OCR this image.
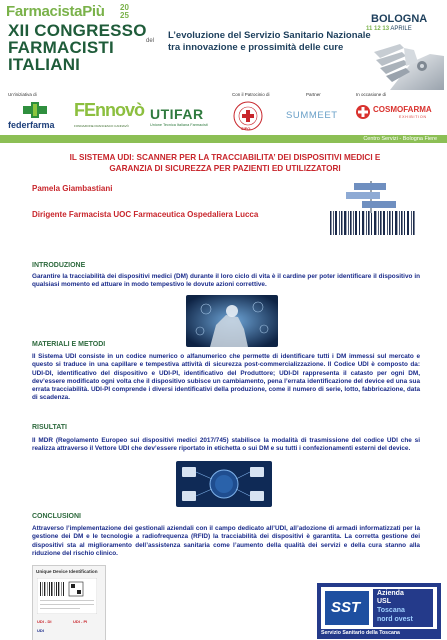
FarmacistaPiù 20
25
XII CONGRESSO
FARMACISTI
ITALIANI
del L’evoluzione del Servizio Sanitario Nazionale
tra innovazione e prossimità delle cure
BOLOGNA
11 12 13 APRILE
Un'iniziativa di	Con il Patrocinio di	Partner	In occasione di
federfarma
FEnnovò
FONDAZIONE FRANCESCO CANNAVÒ
UTIFAR
Unione Tecnica Italiana Farmacisti
SIFO
SUMMEET
COSMOFARMA
EXHIBITION
Centro Servizi - Bologna Fiere
IL SISTEMA UDI: SCANNER PER LA TRACCIABILITA’ DEI DISPOSITIVI MEDICI E
GARANZIA DI SICUREZZA PER PAZIENTI ED UTILIZZATORI
Pamela Giambastiani
Dirigente Farmacista UOC Farmaceutica Ospedaliera Lucca
INTRODUZIONE
Garantire la tracciabilità dei dispositivi medici (DM) durante il loro ciclo di vita è il cardine per poter identificare il dispositivo in qualsiasi momento ed attuare in modo tempestivo le dovute azioni correttive.
MATERIALI E METODI
Il Sistema UDI consiste in un codice numerico o alfanumerico che permette di identificare tutti i DM immessi sul mercato e questo si traduce in una capillare e tempestiva attività di sicurezza post-commercializzazione. Il Codice UDI è composto da: UDI-DI, identificativo del dispositivo e UDI-PI, identificativo del Produttore; UDI-DI rappresenta il catasto per ogni DM, dev’essere modificato ogni volta che il dispositivo subisce un cambiamento, pena l’errata identificazione del device ed una sua errata tracciabilità. UDI-PI comprende i diversi identificativi della produzione, come il numero di serie, lotto, fabbricazione, data di scadenza.
RISULTATI
Il MDR (Regolamento Europeo sui dispositivi medici 2017/745) stabilisce la modalità di trasmissione del codice UDI che si realizza attraverso il Vettore UDI che dev’essere riportato in etichetta o sui DM e su tutti i confezionamenti esterni del device.
CONCLUSIONI
Attraverso l’implementazione dei gestionali aziendali con il campo dedicato all’UDI, all’adozione di armadi informatizzati per la gestione dei DM e le tecnologie a radiofrequenza (RFID) la tracciabilità dei dispositivi è garantita. La corretta gestione dei dispositivi sta al miglioramento dell’assistenza sanitaria come l’aumento della qualità dei servizi e della cura stanno alla riduzione del rischio clinico.
Unique Device Identification
UDI - DI	UDI - PI
UDI
SST
Azienda
USL
Toscana
nord ovest
Servizio Sanitario della Toscana
